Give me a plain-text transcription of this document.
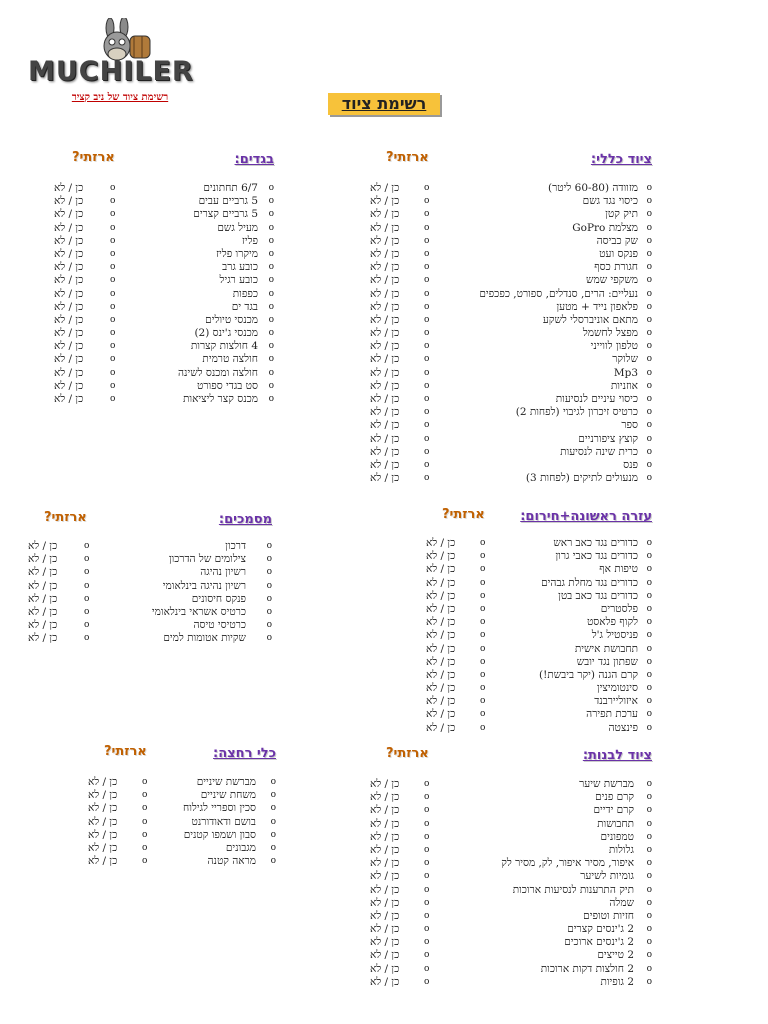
MUCHILER
רשימת ציוד של ניב קציר	רשימת ציוד
ציוד כללי:
ארזתי?
o
מזוודה (60-80 ליטר)
o
כן / לא
o
כיסוי נגד גשם
o
כן / לא
o
תיק קטן
o
כן / לא
o
מצלמת GoPro
o
כן / לא
o
שק כביסה
o
כן / לא
o
פנקס ועט
o
כן / לא
o
חגורת כסף
o
כן / לא
o
משקפי שמש
o
כן / לא
o
נעליים: הרים, סנדלים, ספורט, כפכפים
o
כן / לא
o
פלאפון נייד + מטען
o
כן / לא
o
מתאם אוניברסלי לשקע
o
כן / לא
o
מפצל לחשמל
o
כן / לא
o
טלפון לווייני
o
כן / לא
o
שלוקר
o
כן / לא
o
Mp3
o
כן / לא
o
אוזניות
o
כן / לא
o
כיסוי עיניים לנסיעות
o
כן / לא
o
כרטיס זיכרון לגיבוי (לפחות 2)
o
כן / לא
o
ספר
o
כן / לא
o
קוצץ ציפורניים
o
כן / לא
o
כרית שינה לנסיעות
o
כן / לא
o
פנס
o
כן / לא
o
מנעולים לתיקים (לפחות 3)
o
כן / לא
בגדים:
ארזתי?
o
6/7 תחתונים
o
כן / לא
o
5 גרביים עבים
o
כן / לא
o
5 גרביים קצרים
o
כן / לא
o
מעיל גשם
o
כן / לא
o
פליז
o
כן / לא
o
מיקרו פליז
o
כן / לא
o
כובע גרב
o
כן / לא
o
כובע רגיל
o
כן / לא
o
כפפות
o
כן / לא
o
בגד ים
o
כן / לא
o
מכנסי טיולים
o
כן / לא
o
מכנסי ג'ינס (2)
o
כן / לא
o
4 חולצות קצרות
o
כן / לא
o
חולצה טרמית
o
כן / לא
o
חולצה ומכנס לשינה
o
כן / לא
o
סט בגדי ספורט
o
כן / לא
o
מכנס קצר ליציאות
o
כן / לא
עזרה ראשונה+חירום:
ארזתי?
o
כדורים נגד כאב ראש
o
כן / לא
o
כדורים נגד כאבי גרון
o
כן / לא
o
טיפות אף
o
כן / לא
o
כדורים נגד מחלת גבהים
o
כן / לא
o
כדורים נגד כאב בטן
o
כן / לא
o
פלסטרים
o
כן / לא
o
לקוף פלאסט
o
כן / לא
o
פניסטיל ג'ל
o
כן / לא
o
תחבושת אישית
o
כן / לא
o
שפתון נגד יובש
o
כן / לא
o
קרם הגנה (יקר ביבשת!)
o
כן / לא
o
סינטומיצין
o
כן / לא
o
איזוליירבנד
o
כן / לא
o
ערכת תפירה
o
כן / לא
o
פינצטה
o
כן / לא
מסמכים:
ארזתי?
o
דרכון
o
כן / לא
o
צילומים של הדרכון
o
כן / לא
o
רשיון נהיגה
o
כן / לא
o
רשיון נהיגה בינלאומי
o
כן / לא
o
פנקס חיסונים
o
כן / לא
o
כרטיס אשראי בינלאומי
o
כן / לא
o
כרטיסי טיסה
o
כן / לא
o
שקיות אטומות למים
o
כן / לא
ציוד לבנות:
ארזתי?
o
מברשת שיער
o
כן / לא
o
קרם פנים
o
כן / לא
o
קרם ידיים
o
כן / לא
o
תחבושות
o
כן / לא
o
טמפונים
o
כן / לא
o
גלולות
o
כן / לא
o
איפור, מסיר איפור, לק, מסיר לק
o
כן / לא
o
גומיות לשיער
o
כן / לא
o
תיק התרענות לנסיעות ארוכות
o
כן / לא
o
שמלה
o
כן / לא
o
חזיות וטופים
o
כן / לא
o
2 ג'ינסים קצרים
o
כן / לא
o
2 ג'ינסים ארוכים
o
כן / לא
o
2 טייצים
o
כן / לא
o
2 חולצות דקות ארוכות
o
כן / לא
o
2 גופיות
o
כן / לא
כלי רחצה:
ארזתי?
o
מברשת שיניים
o
כן / לא
o
משחת שיניים
o
כן / לא
o
סכין וספריי לגילוח
o
כן / לא
o
בושם ודאודורנט
o
כן / לא
o
סבון ושמפו קטנים
o
כן / לא
o
מגבונים
o
כן / לא
o
מראה קטנה
o
כן / לא
